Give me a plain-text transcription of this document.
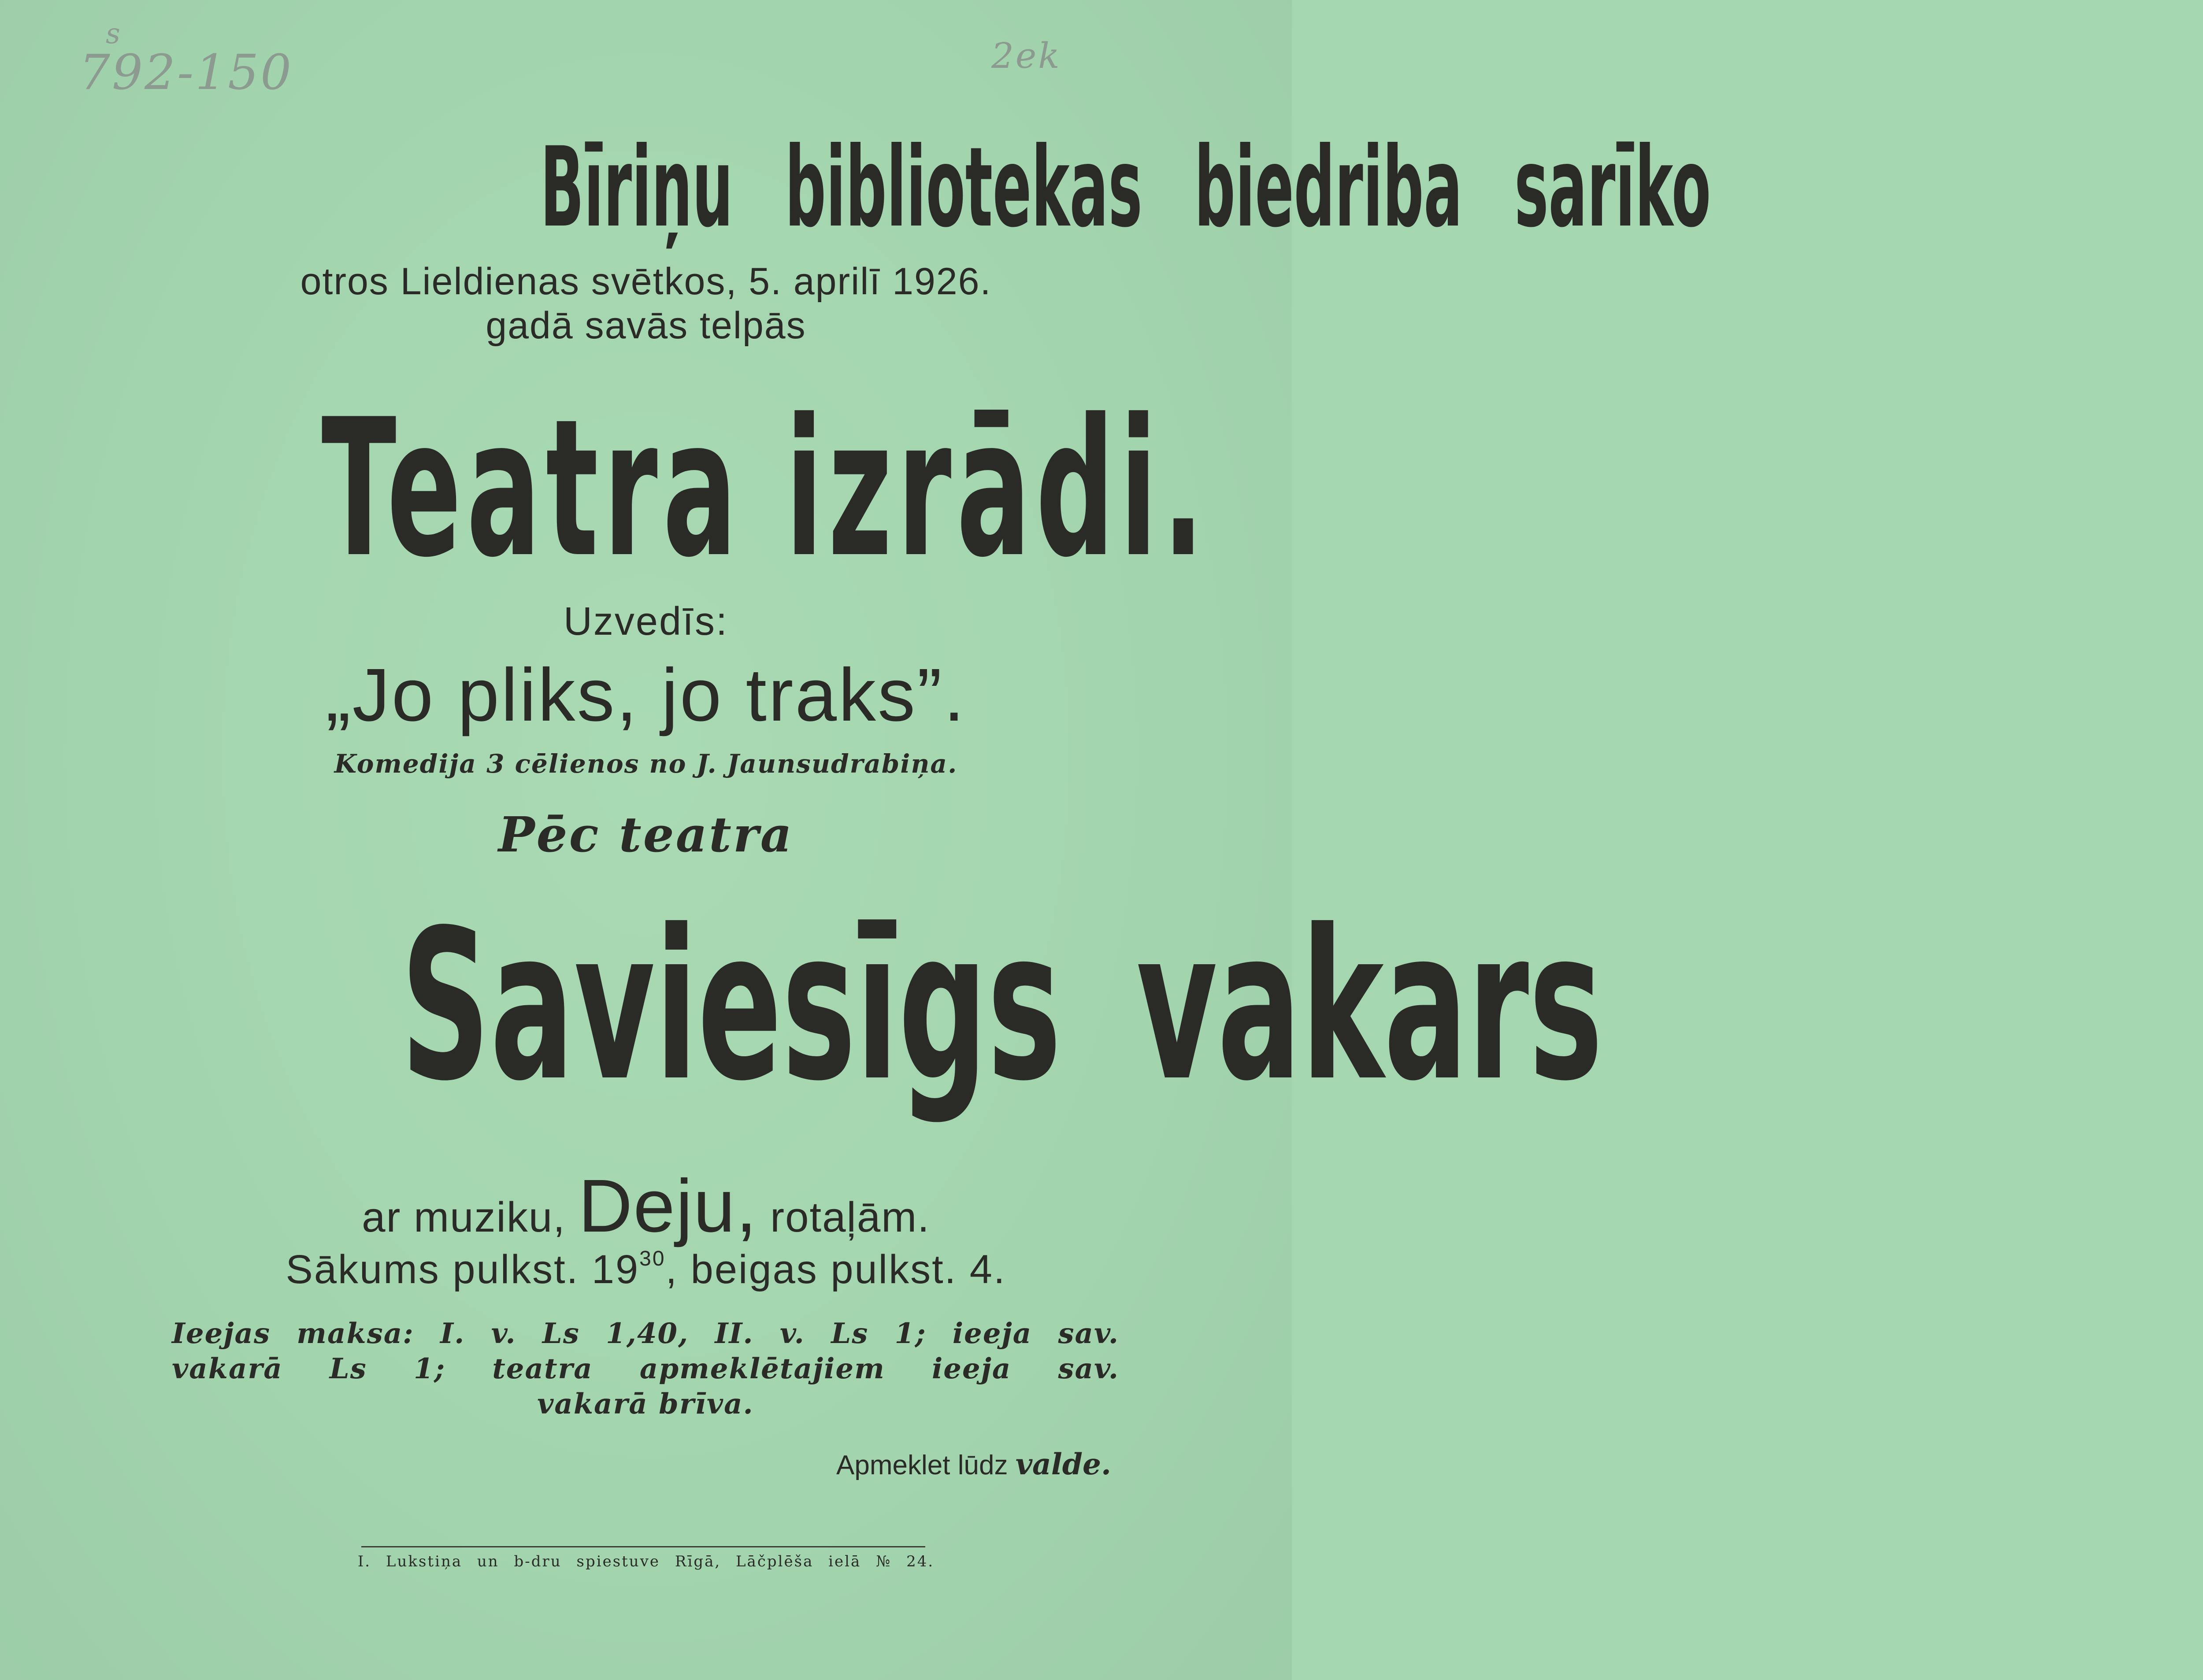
s
792-150	2ek
Bīriņu bibliotekas biedriba sarīko
otros Lieldienas svētkos, 5. aprilī 1926.
gadā savās telpās
Teatra izrādi.
Uzvedīs:
„Jo pliks, jo traks”.
Komedija 3 cēlienos no J. Jaunsudrabiņa.
Pēc teatra
Saviesīgs vakars
ar muziku, Deju, rotaļām.
Sākums pulkst. $19^{30}$, beigas pulkst. 4.
Ieejas maksa: I. v. Ls 1,40, II. v. Ls 1; ieeja sav.
vakarā Ls 1; teatra apmeklētajiem ieeja sav.
vakarā brīva.
Apmeklet lūdz valde.
I. Lukstiņa un b-dru spiestuve Rīgā, Lāčplēša ielā № 24.
